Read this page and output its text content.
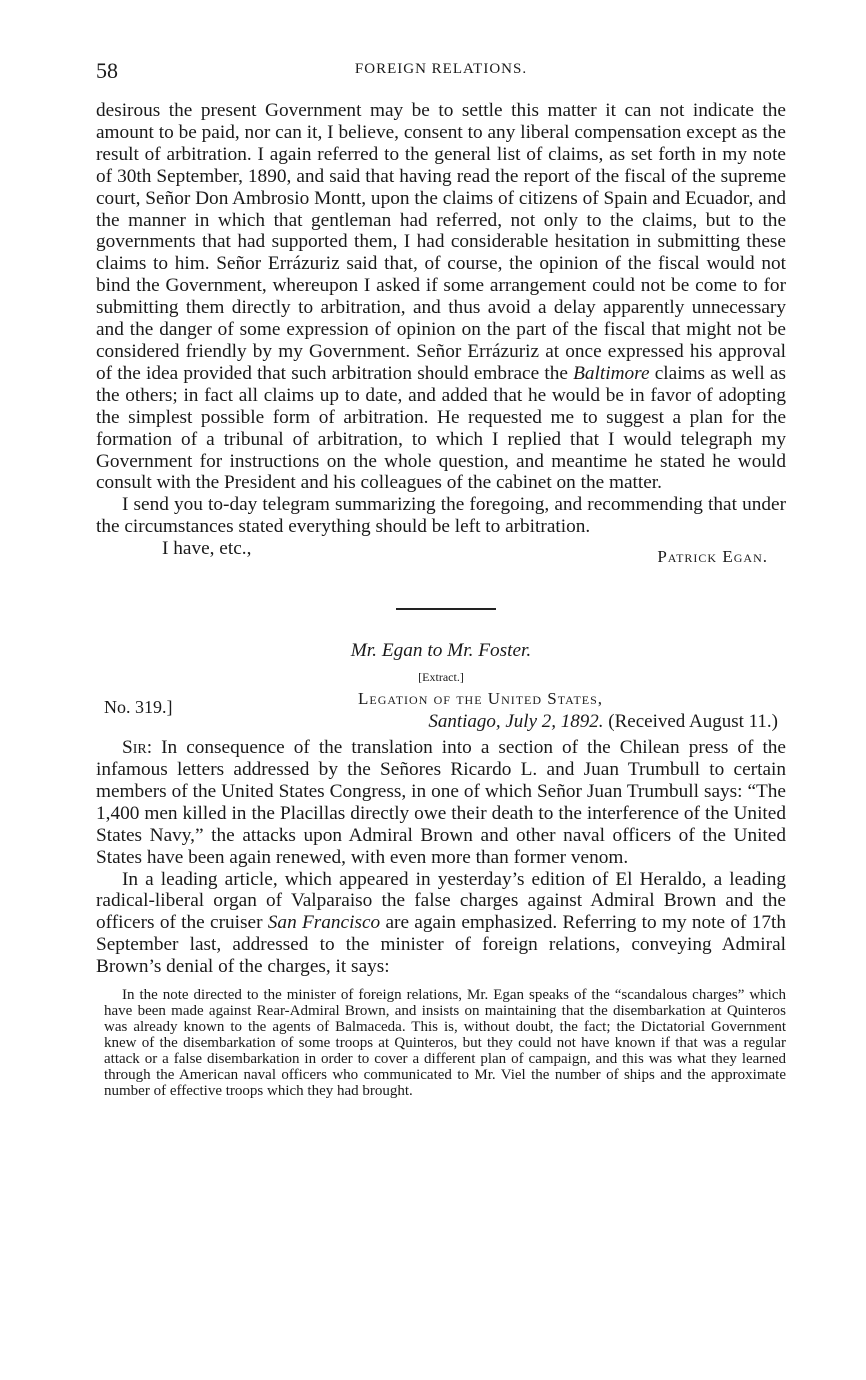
58	FOREIGN RELATIONS.

desirous the present Government may be to settle this matter it can not indicate the amount to be paid, nor can it, I believe, consent to any liberal compensation except as the result of arbitration. I again referred to the general list of claims, as set forth in my note of 30th September, 1890, and said that having read the report of the fiscal of the supreme court, Señor Don Ambrosio Montt, upon the claims of citizens of Spain and Ecuador, and the manner in which that gentleman had referred, not only to the claims, but to the governments that had supported them, I had considerable hesitation in submitting these claims to him. Señor Errázuriz said that, of course, the opinion of the fiscal would not bind the Government, whereupon I asked if some arrangement could not be come to for submitting them directly to arbitration, and thus avoid a delay apparently unnecessary and the danger of some expression of opinion on the part of the fiscal that might not be considered friendly by my Government. Señor Errázuriz at once expressed his approval of the idea provided that such arbitration should embrace the Baltimore claims as well as the others; in fact all claims up to date, and added that he would be in favor of adopting the simplest possible form of arbitration. He requested me to suggest a plan for the formation of a tribunal of arbitration, to which I replied that I would telegraph my Government for instructions on the whole question, and meantime he stated he would consult with the President and his colleagues of the cabinet on the matter.

I send you to-day telegram summarizing the foregoing, and recommending that under the circumstances stated everything should be left to arbitration.

I have, etc.,	Patrick Egan.
Mr. Egan to Mr. Foster.
[Extract.]
No. 319.]	Legation of the United States,
Santiago, July 2, 1892. (Received August 11.)

Sir: In consequence of the translation into a section of the Chilean press of the infamous letters addressed by the Señores Ricardo L. and Juan Trumbull to certain members of the United States Congress, in one of which Señor Juan Trumbull says: “The 1,400 men killed in the Placillas directly owe their death to the interference of the United States Navy,” the attacks upon Admiral Brown and other naval officers of the United States have been again renewed, with even more than former venom.

In a leading article, which appeared in yesterday’s edition of El Heraldo, a leading radical-liberal organ of Valparaiso the false charges against Admiral Brown and the officers of the cruiser San Francisco are again emphasized. Referring to my note of 17th September last, addressed to the minister of foreign relations, conveying Admiral Brown’s denial of the charges, it says:

In the note directed to the minister of foreign relations, Mr. Egan speaks of the “scandalous charges” which have been made against Rear-Admiral Brown, and insists on maintaining that the disembarkation at Quinteros was already known to the agents of Balmaceda. This is, without doubt, the fact; the Dictatorial Government knew of the disembarkation of some troops at Quinteros, but they could not have known if that was a regular attack or a false disembarkation in order to cover a different plan of campaign, and this was what they learned through the American naval officers who communicated to Mr. Viel the number of ships and the approximate number of effective troops which they had brought.
